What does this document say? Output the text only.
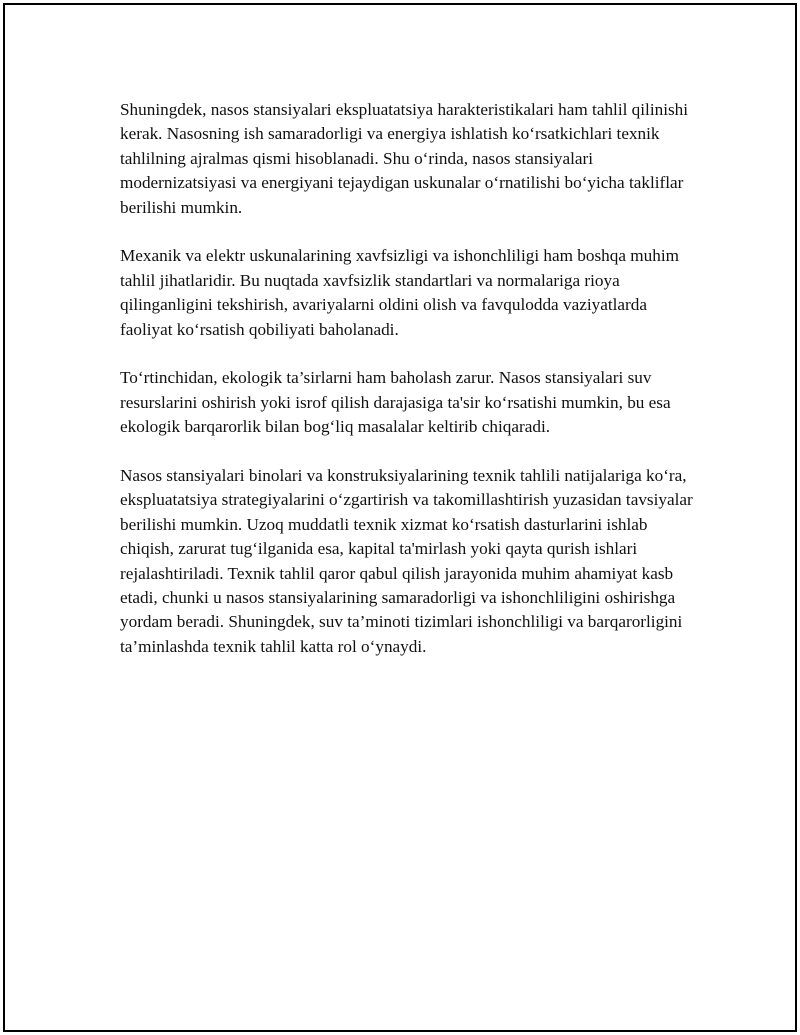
Shuningdek, nasos stansiyalari ekspluatatsiya harakteristikalari ham tahlil qilinishi kerak. Nasosning ish samaradorligi va energiya ishlatish ko‘rsatkichlari texnik tahlilning ajralmas qismi hisoblanadi. Shu o‘rinda, nasos stansiyalari modernizatsiyasi va energiyani tejaydigan uskunalar o‘rnatilishi bo‘yicha takliflar berilishi mumkin.

Mexanik va elektr uskunalarining xavfsizligi va ishonchliligi ham boshqa muhim tahlil jihatlaridir. Bu nuqtada xavfsizlik standartlari va normalariga rioya qilinganligini tekshirish, avariyalarni oldini olish va favqulodda vaziyatlarda faoliyat ko‘rsatish qobiliyati baholanadi.

To‘rtinchidan, ekologik ta’sirlarni ham baholash zarur. Nasos stansiyalari suv resurslarini oshirish yoki isrof qilish darajasiga ta'sir ko‘rsatishi mumkin, bu esa ekologik barqarorlik bilan bog‘liq masalalar keltirib chiqaradi.

Nasos stansiyalari binolari va konstruksiyalarining texnik tahlili natijalariga ko‘ra, ekspluatatsiya strategiyalarini o‘zgartirish va takomillashtirish yuzasidan tavsiyalar berilishi mumkin. Uzoq muddatli texnik xizmat ko‘rsatish dasturlarini ishlab chiqish, zarurat tug‘ilganida esa, kapital ta'mirlash yoki qayta qurish ishlari rejalashtiriladi. Texnik tahlil qaror qabul qilish jarayonida muhim ahamiyat kasb etadi, chunki u nasos stansiyalarining samaradorligi va ishonchliligini oshirishga yordam beradi. Shuningdek, suv ta’minoti tizimlari ishonchliligi va barqarorligini ta’minlashda texnik tahlil katta rol o‘ynaydi.
